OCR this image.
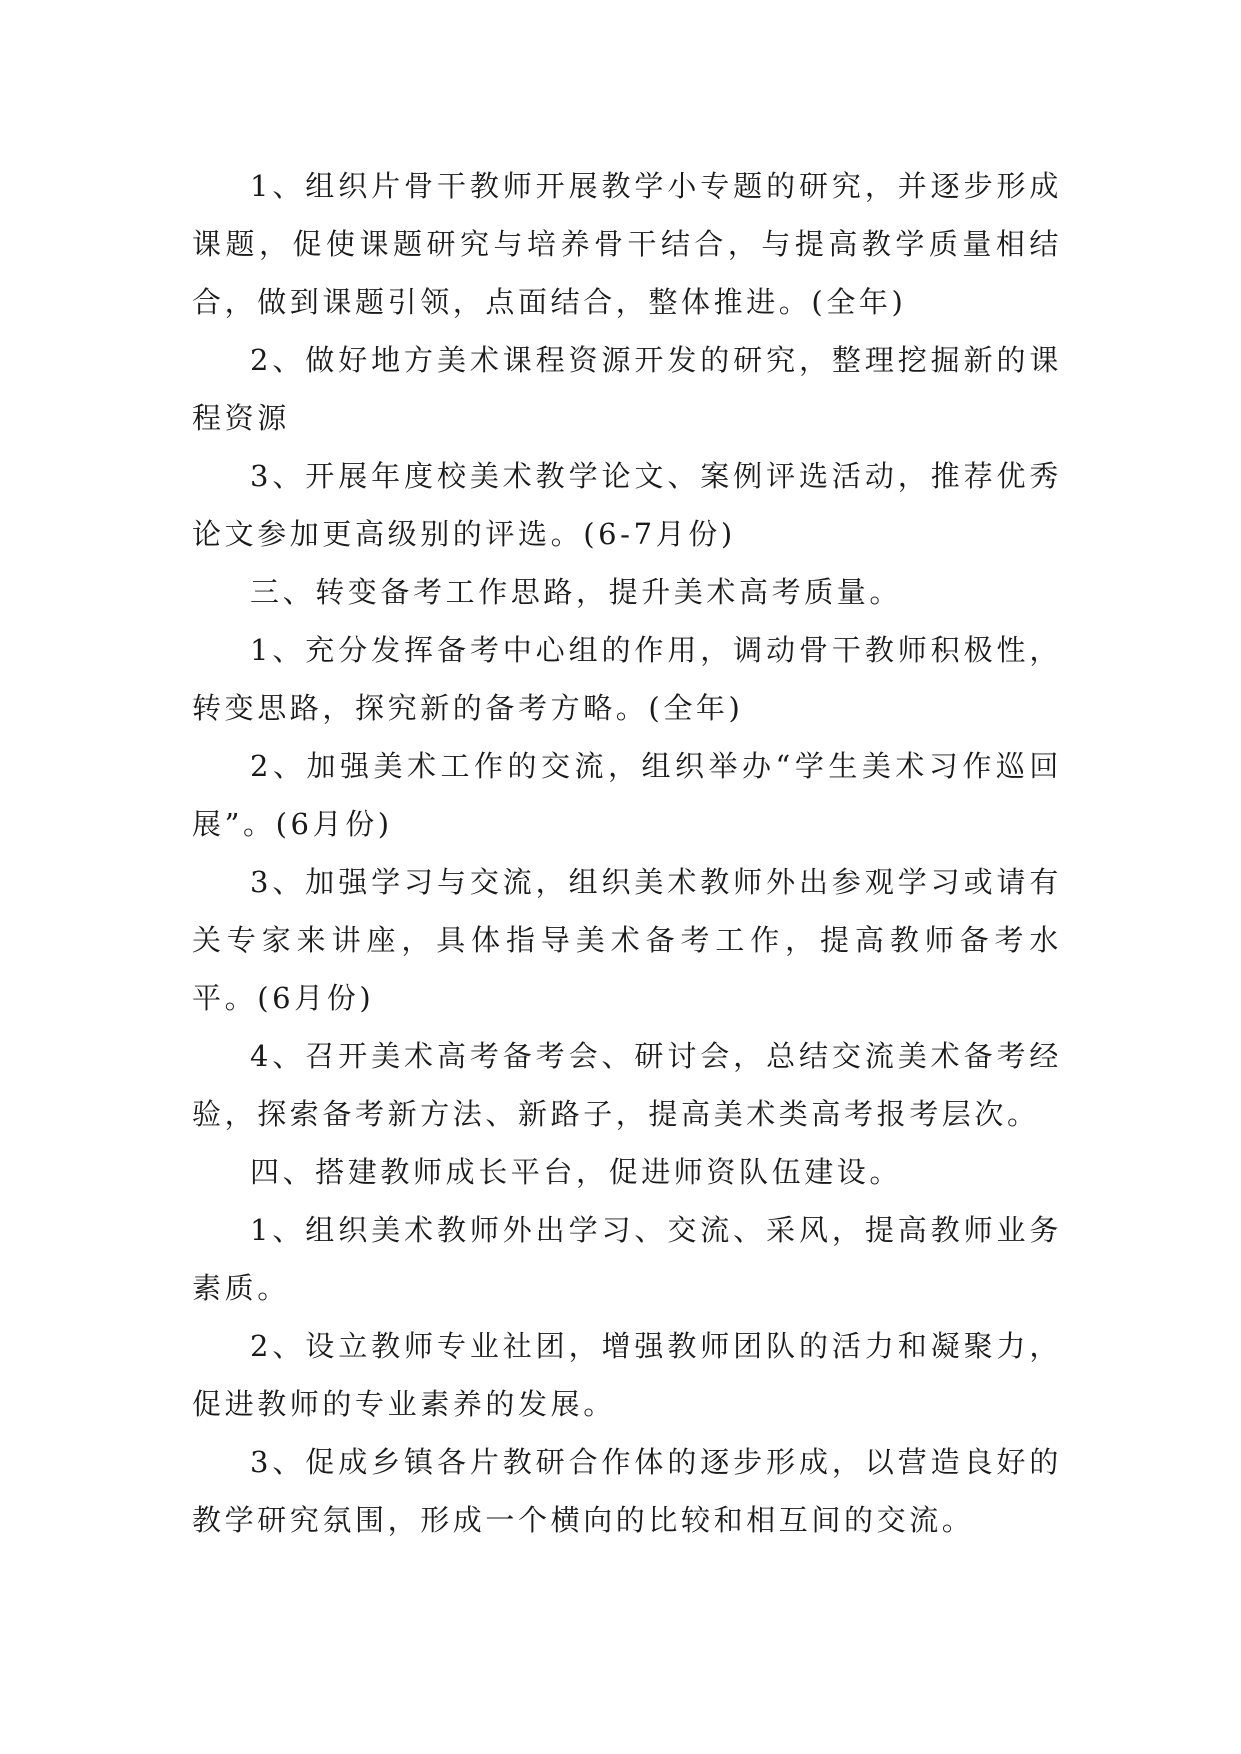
1、组织片骨干教师开展教学小专题的研究，并逐步形成课题，促使课题研究与培养骨干结合，与提高教学质量相结合，做到课题引领，点面结合，整体推进。(全年)

2、做好地方美术课程资源开发的研究，整理挖掘新的课程资源

3、开展年度校美术教学论文、案例评选活动，推荐优秀论文参加更高级别的评选。(6-7月份)

三、转变备考工作思路，提升美术高考质量。

1、充分发挥备考中心组的作用，调动骨干教师积极性，转变思路，探究新的备考方略。(全年)

2、加强美术工作的交流，组织举办“学生美术习作巡回展”。(6月份)

3、加强学习与交流，组织美术教师外出参观学习或请有关专家来讲座，具体指导美术备考工作，提高教师备考水平。(6月份)

4、召开美术高考备考会、研讨会，总结交流美术备考经验，探索备考新方法、新路子，提高美术类高考报考层次。

四、搭建教师成长平台，促进师资队伍建设。

1、组织美术教师外出学习、交流、采风，提高教师业务素质。

2、设立教师专业社团，增强教师团队的活力和凝聚力，促进教师的专业素养的发展。

3、促成乡镇各片教研合作体的逐步形成，以营造良好的教学研究氛围，形成一个横向的比较和相互间的交流。
